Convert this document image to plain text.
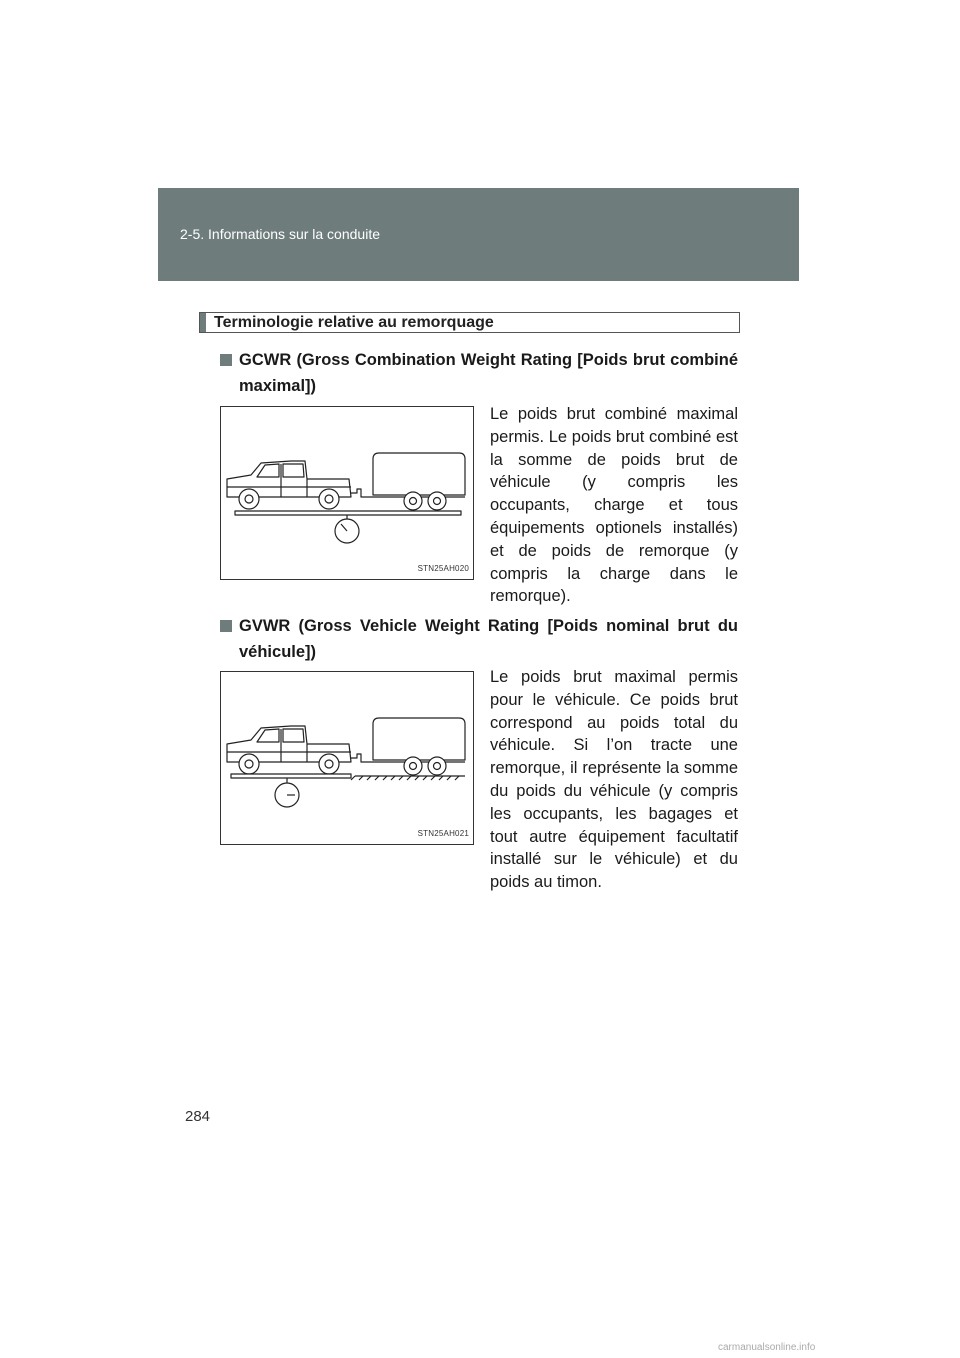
2-5. Informations sur la conduite
Terminologie relative au remorquage
GCWR (Gross Combination Weight Rating [Poids brut combiné maximal])
STN25AH020

Le poids brut combiné maximal permis. Le poids brut combiné est la somme de poids brut de véhicule (y compris les occupants, charge et tous équipements optionels installés) et de poids de remorque (y compris la charge dans le remorque).

GVWR (Gross Vehicle Weight Rating [Poids nominal brut du véhicule])
STN25AH021

Le poids brut maximal permis pour le véhicule. Ce poids brut correspond au poids total du véhicule. Si l’on tracte une remorque, il représente la somme du poids du véhicule (y compris les occupants, les bagages et tout autre équipement facultatif installé sur le véhicule) et du poids au timon.

284
carmanualsonline.info
